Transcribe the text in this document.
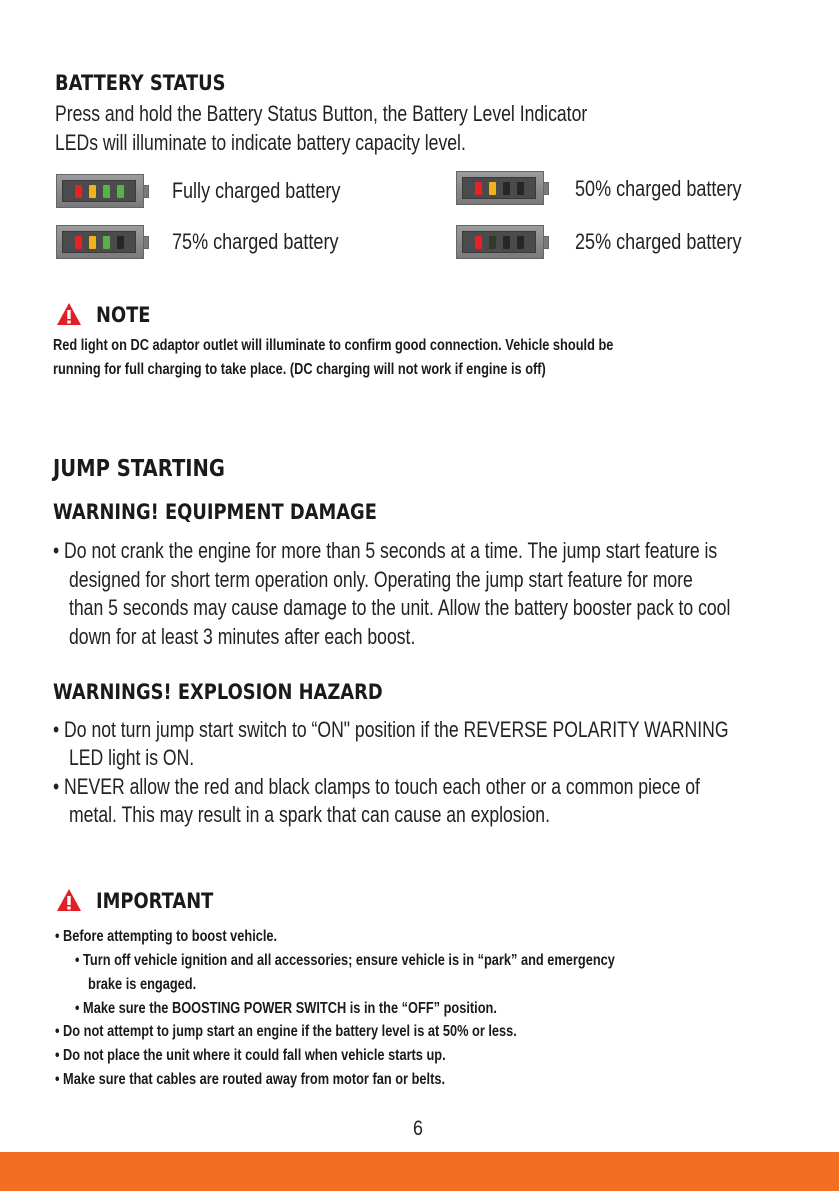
BATTERY STATUS
Press and hold the Battery Status Button, the Battery Level Indicator
LEDs will illuminate to indicate battery capacity level.
Fully charged battery	50% charged battery
75% charged battery	25% charged battery
NOTE
Red light on DC adaptor outlet will illuminate to confirm good connection. Vehicle should be
running for full charging to take place. (DC charging will not work if engine is off)
JUMP STARTING
WARNING! EQUIPMENT DAMAGE
• Do not crank the engine for more than 5 seconds at a time. The jump start feature is
designed for short term operation only. Operating the jump start feature for more
than 5 seconds may cause damage to the unit. Allow the battery booster pack to cool
down for at least 3 minutes after each boost.
WARNINGS! EXPLOSION HAZARD
• Do not turn jump start switch to “ON" position if the REVERSE POLARITY WARNING
LED light is ON.
• NEVER allow the red and black clamps to touch each other or a common piece of
metal. This may result in a spark that can cause an explosion.
IMPORTANT
• Before attempting to boost vehicle.
• Turn off vehicle ignition and all accessories; ensure vehicle is in “park” and emergency
brake is engaged.
• Make sure the BOOSTING POWER SWITCH is in the “OFF” position.
• Do not attempt to jump start an engine if the battery level is at 50% or less.
• Do not place the unit where it could fall when vehicle starts up.
• Make sure that cables are routed away from motor fan or belts.
6
